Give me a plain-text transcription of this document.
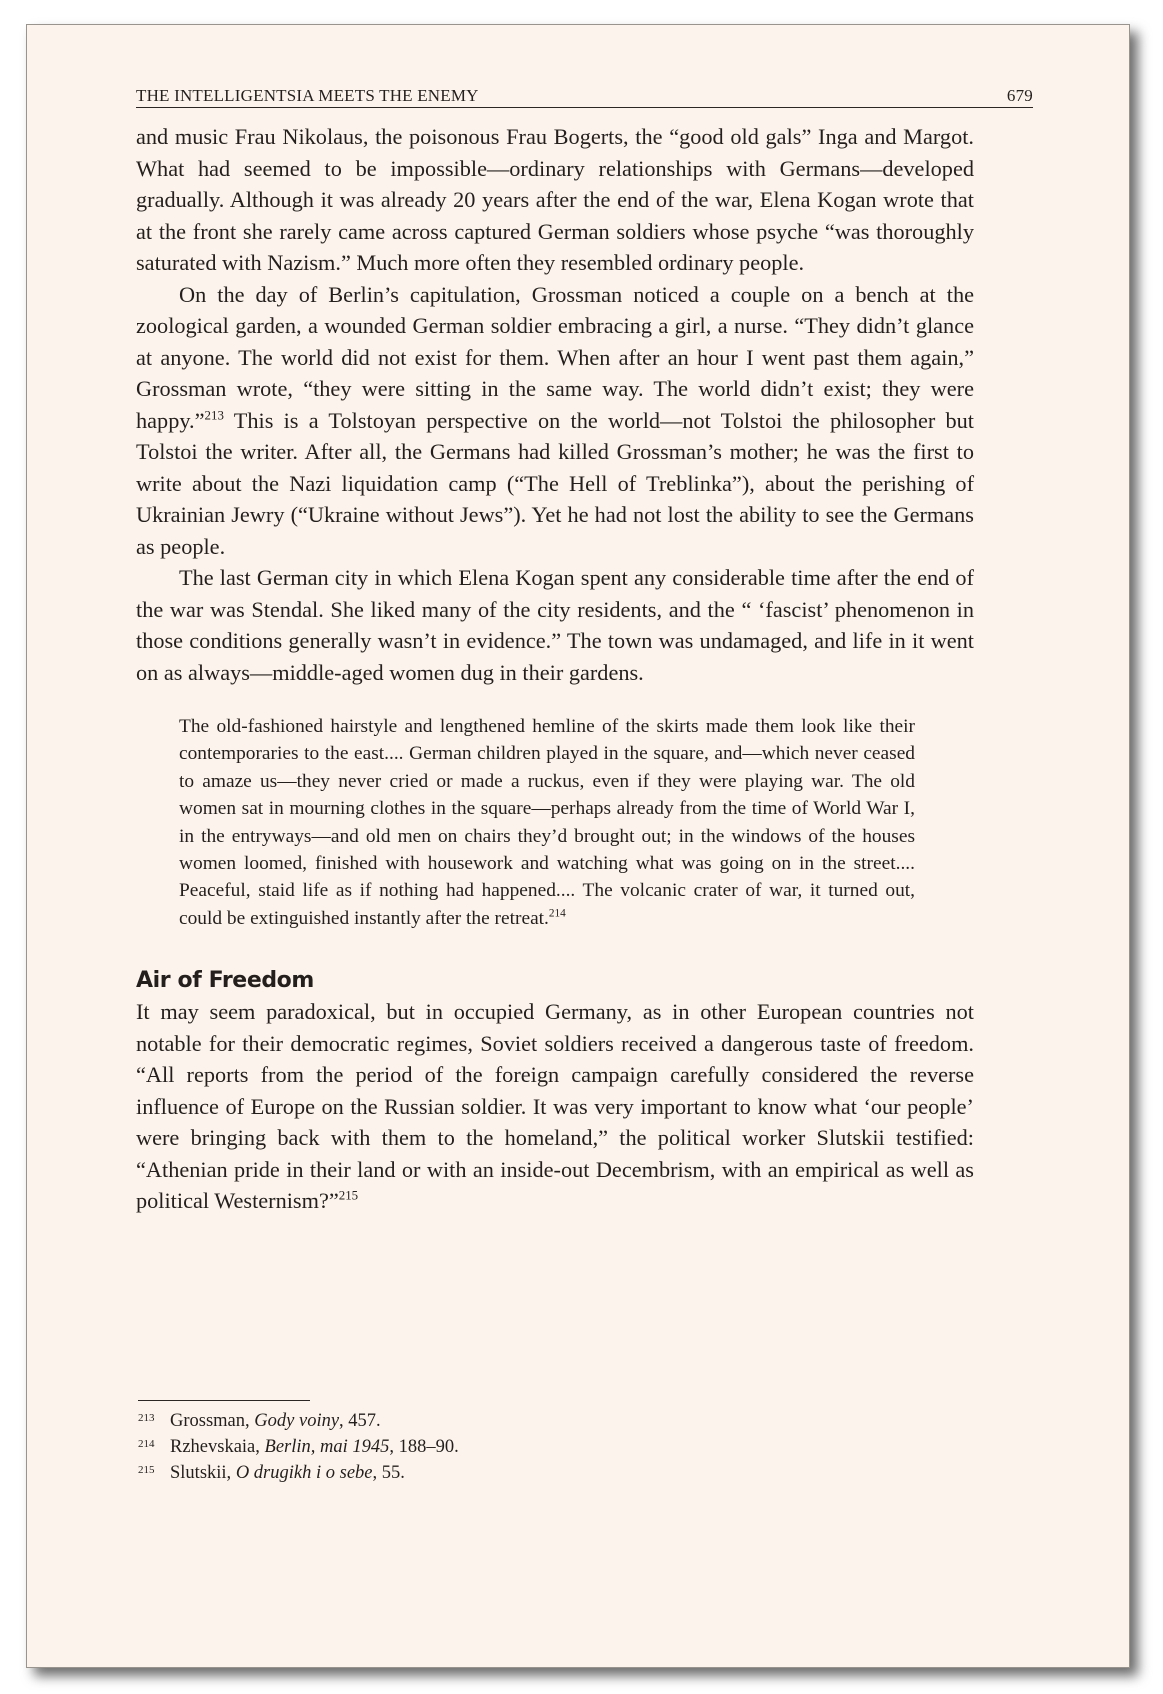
THE INTELLIGENTSIA MEETS THE ENEMY	679

and music Frau Nikolaus, the poisonous Frau Bogerts, the “good old gals” Inga and Margot. What had seemed to be impossible—ordinary relationships with Germans—developed gradually. Although it was already 20 years after the end of the war, Elena Kogan wrote that at the front she rarely came across captured German soldiers whose psyche “was thoroughly saturated with Nazism.” Much more often they resembled ordinary people.

On the day of Berlin’s capitulation, Grossman noticed a couple on a bench at the zoological garden, a wounded German soldier embracing a girl, a nurse. “They didn’t glance at anyone. The world did not exist for them. When after an hour I went past them again,” Grossman wrote, “they were sitting in the same way. The world didn’t exist; they were happy.”$^{213}$ This is a Tolstoyan perspective on the world—not Tolstoi the philosopher but Tolstoi the writer. After all, the Germans had killed Grossman’s mother; he was the first to write about the Nazi liquidation camp (“The Hell of Treblinka”), about the perishing of Ukrainian Jewry (“Ukraine without Jews”). Yet he had not lost the ability to see the Germans as people.

The last German city in which Elena Kogan spent any considerable time after the end of the war was Stendal. She liked many of the city residents, and the “ ‘fascist’ phenomenon in those conditions generally wasn’t in evidence.” The town was undamaged, and life in it went on as always—middle-aged women dug in their gardens.

The old-fashioned hairstyle and lengthened hemline of the skirts made them look like their contemporaries to the east.... German children played in the square, and—which never ceased to amaze us—they never cried or made a ruckus, even if they were playing war. The old women sat in mourning clothes in the square—perhaps already from the time of World War I, in the entryways—and old men on chairs they’d brought out; in the windows of the houses women loomed, finished with housework and watching what was going on in the street.... Peaceful, staid life as if nothing had happened.... The volcanic crater of war, it turned out, could be extinguished instantly after the retreat.$^{214}$

Air of Freedom

It may seem paradoxical, but in occupied Germany, as in other European countries not notable for their democratic regimes, Soviet soldiers received a dangerous taste of freedom. “All reports from the period of the foreign campaign carefully considered the reverse influence of Europe on the Russian soldier. It was very important to know what ‘our people’ were bringing back with them to the homeland,” the political worker Slutskii testified: “Athenian pride in their land or with an inside-out Decembrism, with an empirical as well as political Westernism?”$^{215}$

213 Grossman, Gody voiny, 457.
214 Rzhevskaia, Berlin, mai 1945, 188–90.
215 Slutskii, O drugikh i o sebe, 55.
